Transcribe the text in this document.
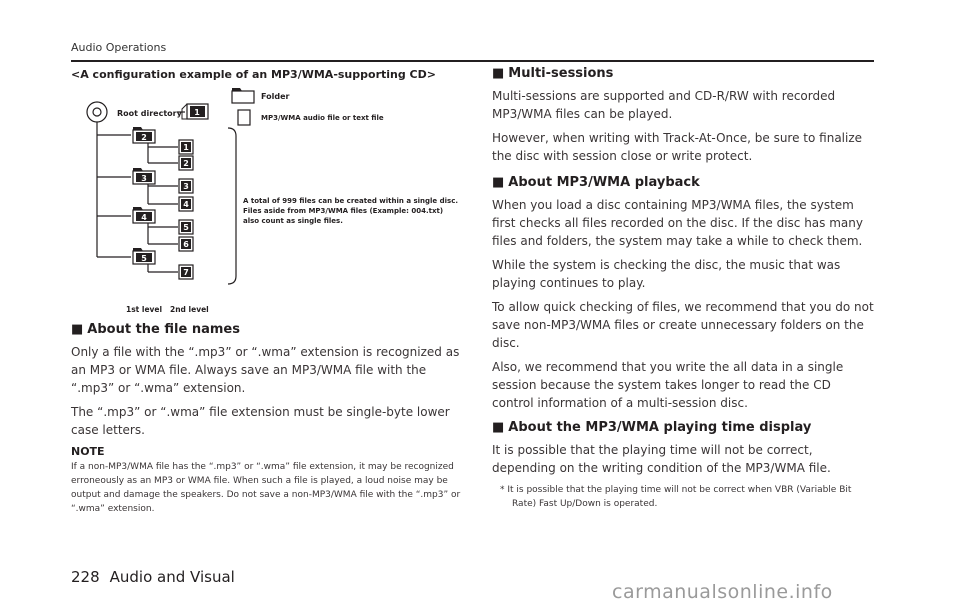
Audio Operations
<A configuration example of an MP3/WMA-supporting CD>
Root directory 1
2
3
4
5
1
2
3
4
5
6
7
Folder
MP3/WMA audio file or text file
A total of 999 files can be created within a single disc.
Files aside from MP3/WMA files (Example: 004.txt)
also count as single files.
1st level 2nd level
■ About the file names

Only a file with the “.mp3” or “.wma” extension is recognized as an MP3 or WMA file. Always save an MP3/WMA file with the “.mp3” or “.wma” extension.

The “.mp3” or “.wma” file extension must be single-byte lower case letters.

NOTE
If a non-MP3/WMA file has the “.mp3” or “.wma” file extension, it may be recognized erroneously as an MP3 or WMA file. When such a file is played, a loud noise may be output and damage the speakers. Do not save a non-MP3/WMA file with the “.mp3” or “.wma” extension.
■ Multi-sessions

Multi-sessions are supported and CD-R/RW with recorded MP3/WMA files can be played.

However, when writing with Track-At-Once, be sure to finalize the disc with session close or write protect.

■ About MP3/WMA playback

When you load a disc containing MP3/WMA files, the system first checks all files recorded on the disc. If the disc has many files and folders, the system may take a while to check them.

While the system is checking the disc, the music that was playing continues to play.

To allow quick checking of files, we recommend that you do not save non-MP3/WMA files or create unnecessary folders on the disc.

Also, we recommend that you write the all data in a single session because the system takes longer to read the CD control information of a multi-session disc.

■ About the MP3/WMA playing time display

It is possible that the playing time will not be correct, depending on the writing condition of the MP3/WMA file.

* It is possible that the playing time will not be correct when VBR (Variable Bit Rate) Fast Up/Down is operated.
228 Audio and Visual
carmanualsonline.info
